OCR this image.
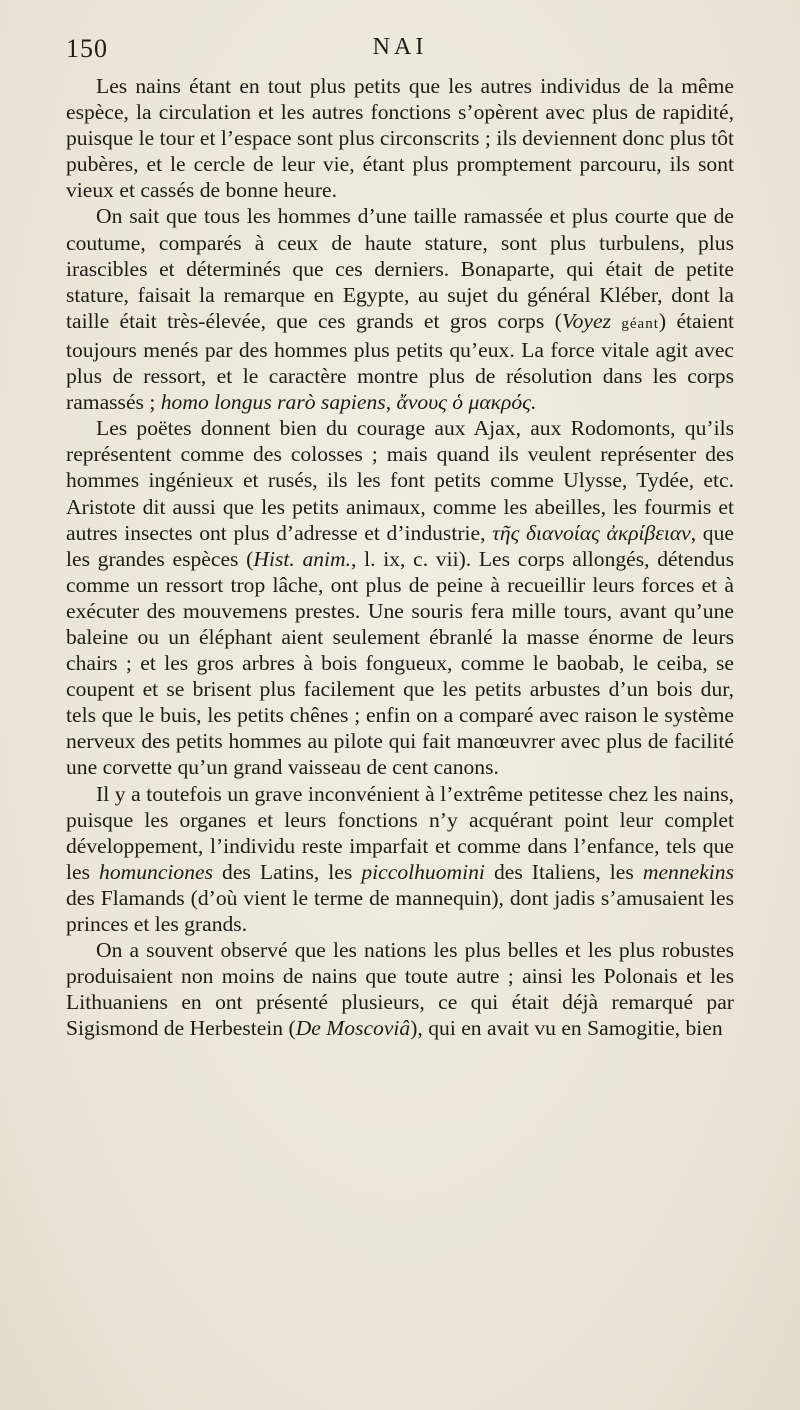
150	NAI

Les nains étant en tout plus petits que les autres individus de la même espèce, la circulation et les autres fonctions s’opèrent avec plus de rapidité, puisque le tour et l’espace sont plus circonscrits ; ils deviennent donc plus tôt pubères, et le cercle de leur vie, étant plus promptement parcouru, ils sont vieux et cassés de bonne heure.

On sait que tous les hommes d’une taille ramassée et plus courte que de coutume, comparés à ceux de haute stature, sont plus turbulens, plus irascibles et déterminés que ces derniers. Bonaparte, qui était de petite stature, faisait la remarque en Egypte, au sujet du général Kléber, dont la taille était très-élevée, que ces grands et gros corps (Voyez géant) étaient toujours menés par des hommes plus petits qu’eux. La force vitale agit avec plus de ressort, et le caractère montre plus de résolution dans les corps ramassés ; homo longus rarò sapiens, ἄνους ὁ μακρός.

Les poëtes donnent bien du courage aux Ajax, aux Rodomonts, qu’ils représentent comme des colosses ; mais quand ils veulent représenter des hommes ingénieux et rusés, ils les font petits comme Ulysse, Tydée, etc. Aristote dit aussi que les petits animaux, comme les abeilles, les fourmis et autres insectes ont plus d’adresse et d’industrie, τῆς διανοίας ἀκρίβειαν, que les grandes espèces (Hist. anim., l. ix, c. vii). Les corps allongés, détendus comme un ressort trop lâche, ont plus de peine à recueillir leurs forces et à exécuter des mouvemens prestes. Une souris fera mille tours, avant qu’une baleine ou un éléphant aient seulement ébranlé la masse énorme de leurs chairs ; et les gros arbres à bois fongueux, comme le baobab, le ceiba, se coupent et se brisent plus facilement que les petits arbustes d’un bois dur, tels que le buis, les petits chênes ; enfin on a comparé avec raison le système nerveux des petits hommes au pilote qui fait manœuvrer avec plus de facilité une corvette qu’un grand vaisseau de cent canons.

Il y a toutefois un grave inconvénient à l’extrême petitesse chez les nains, puisque les organes et leurs fonctions n’y acquérant point leur complet développement, l’individu reste imparfait et comme dans l’enfance, tels que les homunciones des Latins, les piccolhuomini des Italiens, les mennekins des Flamands (d’où vient le terme de mannequin), dont jadis s’amusaient les princes et les grands.

On a souvent observé que les nations les plus belles et les plus robustes produisaient non moins de nains que toute autre ; ainsi les Polonais et les Lithuaniens en ont présenté plusieurs, ce qui était déjà remarqué par Sigismond de Herbestein (De Moscoviâ), qui en avait vu en Samogitie, bien
